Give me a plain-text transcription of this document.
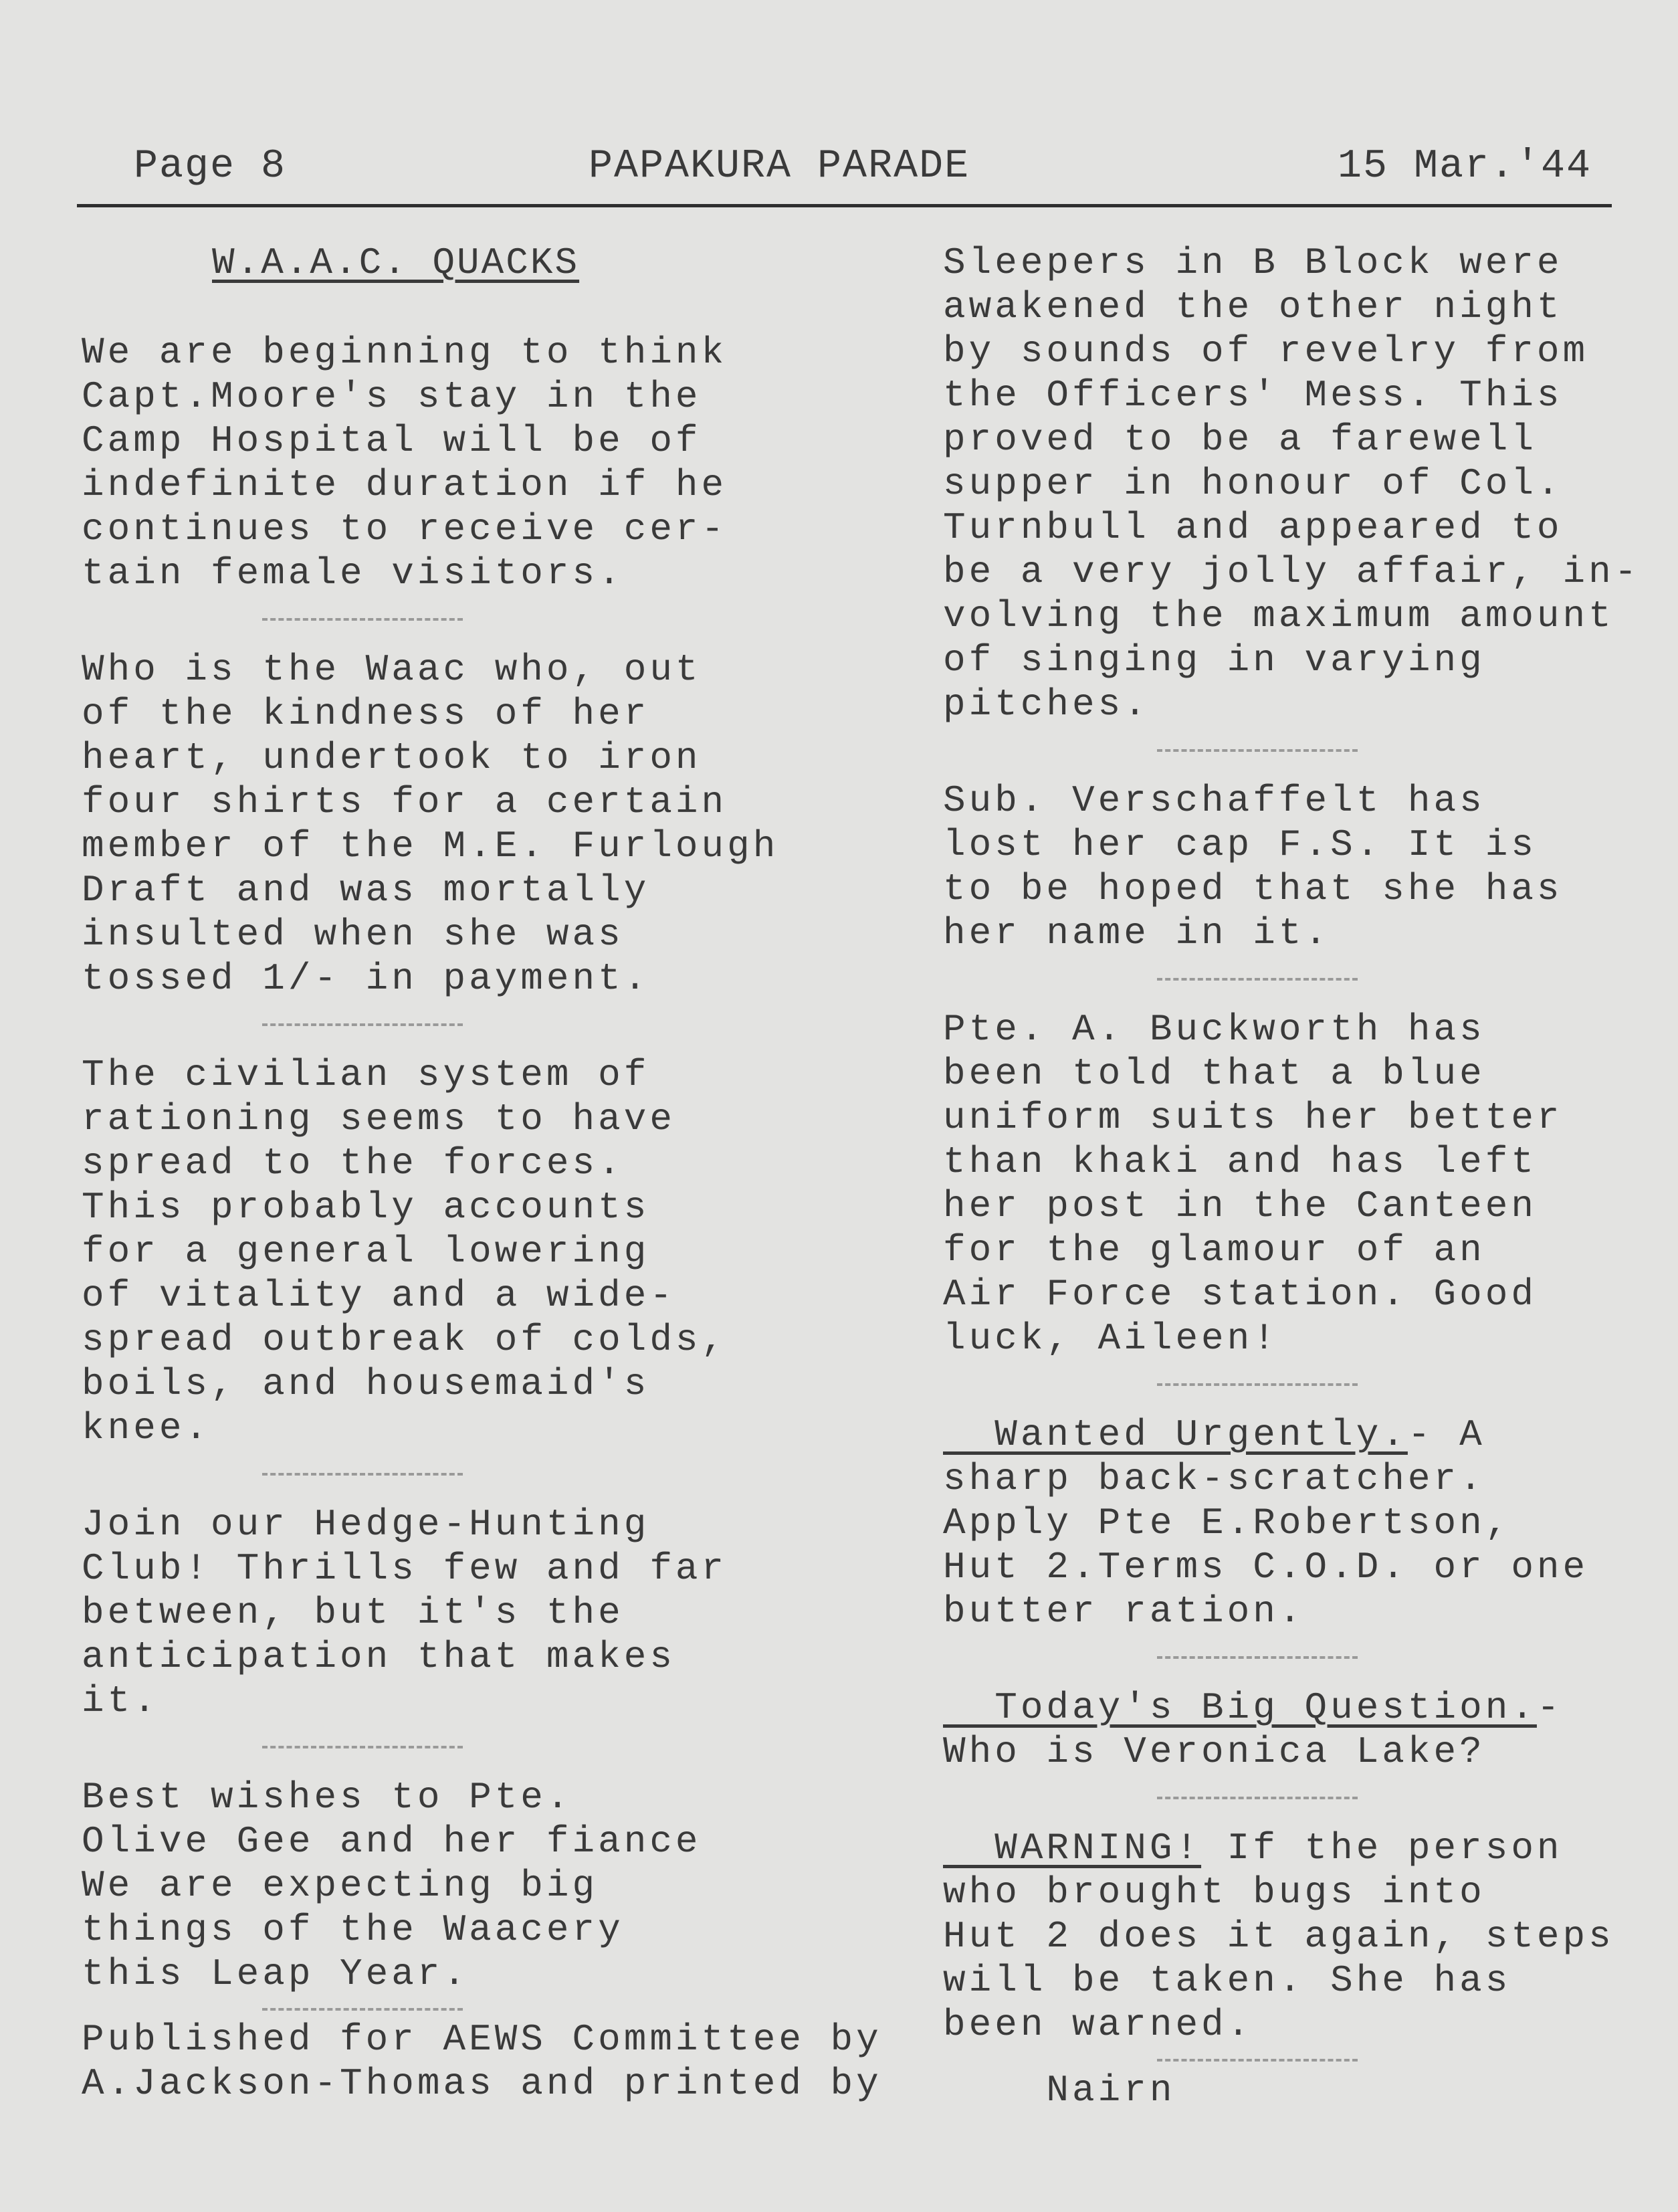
Page 8	PAPAKURA PARADE	15 Mar.'44
W.A.A.C. QUACKS
We are beginning to think
Capt.Moore's stay in the
Camp Hospital will be of
indefinite duration if he
continues to receive cer-
tain female visitors.
Who is the Waac who, out
of the kindness of her
heart, undertook to iron
four shirts for a certain
member of the M.E. Furlough
Draft and was mortally
insulted when she was
tossed 1/- in payment.
The civilian system of
rationing seems to have
spread to the forces.
This probably accounts
for a general lowering
of vitality and a wide-
spread outbreak of colds,
boils, and housemaid's
knee.
Join our Hedge-Hunting
Club! Thrills few and far
between, but it's the
anticipation that makes
it.
Best wishes to Pte.
Olive Gee and her fiance
We are expecting big
things of the Waacery
this Leap Year.
Published for AEWS Committee by
A.Jackson-Thomas and printed by
Sleepers in B Block were
awakened the other night
by sounds of revelry from
the Officers' Mess. This
proved to be a farewell
supper in honour of Col.
Turnbull and appeared to
be a very jolly affair, in-
volving the maximum amount
of singing in varying
pitches.
Sub. Verschaffelt has
lost her cap F.S. It is
to be hoped that she has
her name in it.
Pte. A. Buckworth has
been told that a blue
uniform suits her better
than khaki and has left
her post in the Canteen
for the glamour of an
Air Force station. Good
luck, Aileen!
Wanted Urgently.- A
sharp back-scratcher.
Apply Pte E.Robertson,
Hut 2.Terms C.O.D. or one
butter ration.
Today's Big Question.-
Who is Veronica Lake?
WARNING! If the person
who brought bugs into
Hut 2 does it again, steps
will be taken. She has
been warned.
Nairn
